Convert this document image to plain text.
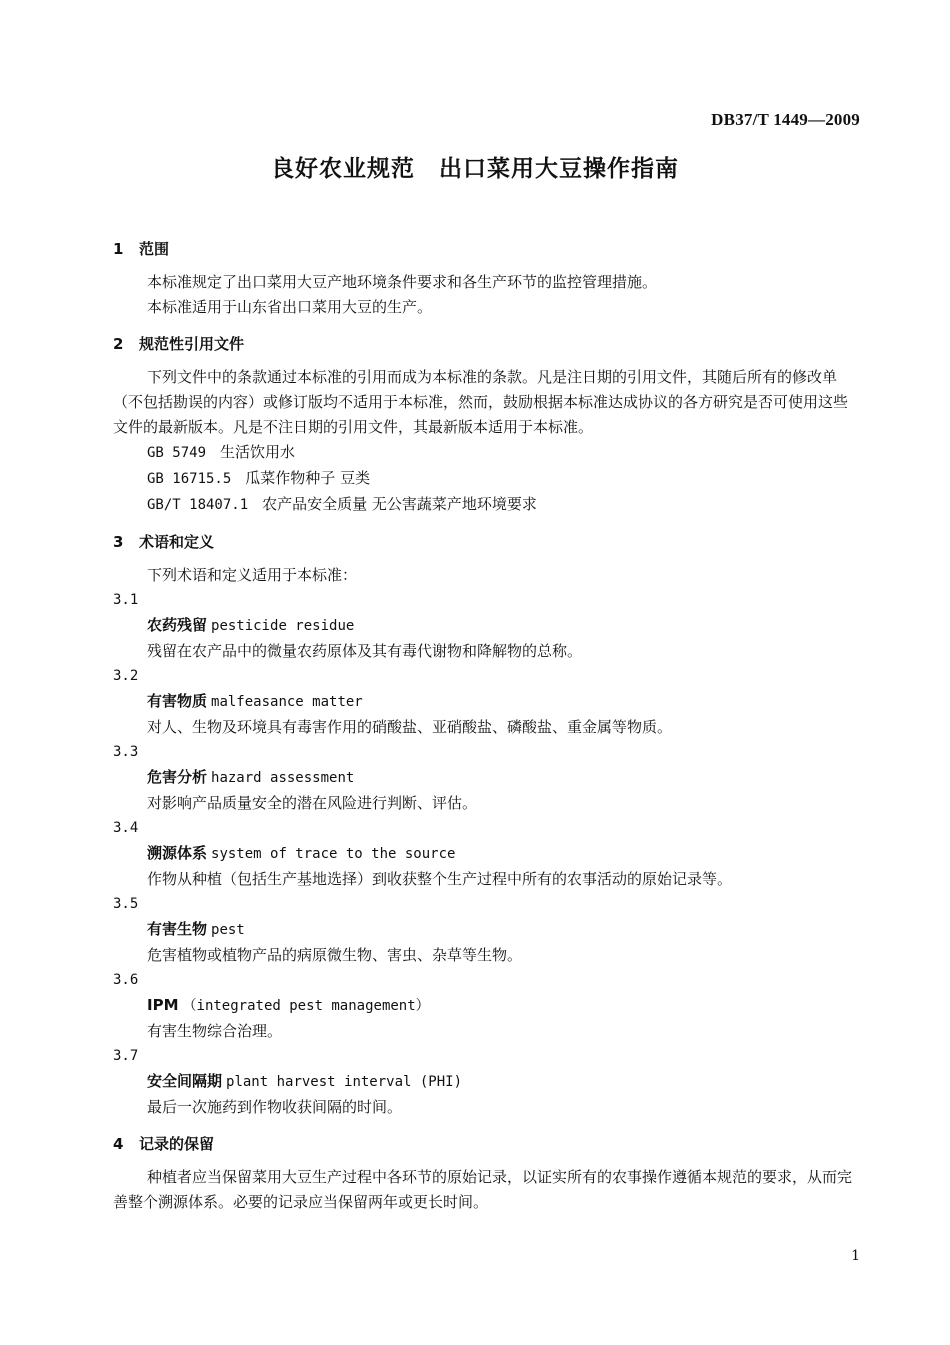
DB37/T 1449—2009
良好农业规范　出口菜用大豆操作指南
1 范围

本标准规定了出口菜用大豆产地环境条件要求和各生产环节的监控管理措施。

本标准适用于山东省出口菜用大豆的生产。

2 规范性引用文件

下列文件中的条款通过本标准的引用而成为本标准的条款。凡是注日期的引用文件，其随后所有的修改单（不包括勘误的内容）或修订版均不适用于本标准，然而，鼓励根据本标准达成协议的各方研究是否可使用这些文件的最新版本。凡是不注日期的引用文件，其最新版本适用于本标准。

GB 5749 生活饮用水

GB 16715.5 瓜菜作物种子 豆类

GB/T 18407.1 农产品安全质量 无公害蔬菜产地环境要求

3 术语和定义

下列术语和定义适用于本标准：

3.1

农药残留 pesticide residue

残留在农产品中的微量农药原体及其有毒代谢物和降解物的总称。

3.2

有害物质 malfeasance matter

对人、生物及环境具有毒害作用的硝酸盐、亚硝酸盐、磷酸盐、重金属等物质。

3.3

危害分析 hazard assessment

对影响产品质量安全的潜在风险进行判断、评估。

3.4

溯源体系 system of trace to the source

作物从种植（包括生产基地选择）到收获整个生产过程中所有的农事活动的原始记录等。

3.5

有害生物 pest

危害植物或植物产品的病原微生物、害虫、杂草等生物。

3.6

IPM （integrated pest management）

有害生物综合治理。

3.7

安全间隔期 plant harvest interval (PHI)

最后一次施药到作物收获间隔的时间。

4 记录的保留

种植者应当保留菜用大豆生产过程中各环节的原始记录，以证实所有的农事操作遵循本规范的要求，从而完善整个溯源体系。必要的记录应当保留两年或更长时间。

1
